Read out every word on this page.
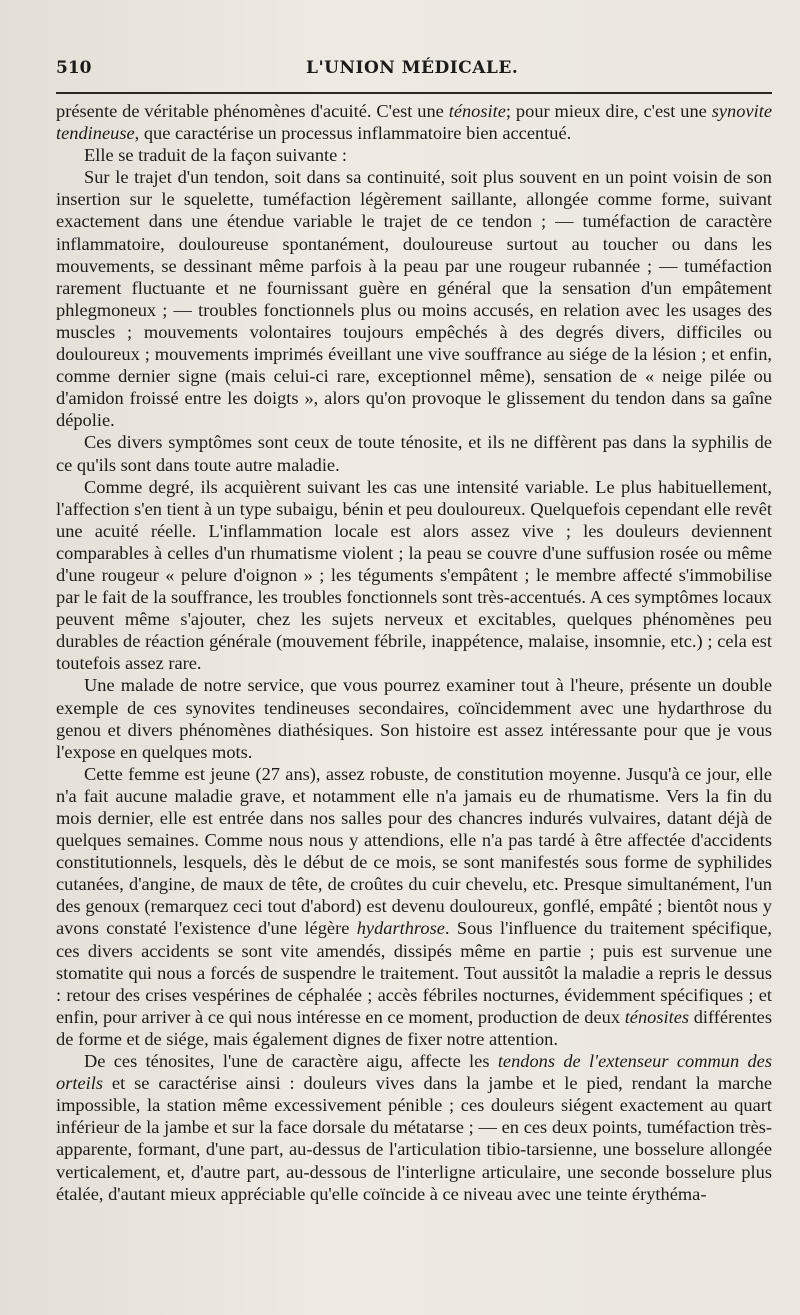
510	L'UNION MÉDICALE.

présente de véritable phénomènes d'acuité. C'est une ténosite; pour mieux dire, c'est une synovite tendineuse, que caractérise un processus inflammatoire bien accentué.

Elle se traduit de la façon suivante :

Sur le trajet d'un tendon, soit dans sa continuité, soit plus souvent en un point voisin de son insertion sur le squelette, tuméfaction légèrement saillante, allongée comme forme, suivant exactement dans une étendue variable le trajet de ce tendon ; — tuméfaction de caractère inflammatoire, douloureuse spontanément, douloureuse surtout au toucher ou dans les mouvements, se dessinant même parfois à la peau par une rougeur rubannée ; — tuméfaction rarement fluctuante et ne fournissant guère en général que la sensation d'un empâtement phlegmoneux ; — troubles fonctionnels plus ou moins accusés, en relation avec les usages des muscles ; mouvements volontaires toujours empêchés à des degrés divers, difficiles ou douloureux ; mouvements imprimés éveillant une vive souffrance au siége de la lésion ; et enfin, comme dernier signe (mais celui-ci rare, exceptionnel même), sensation de « neige pilée ou d'amidon froissé entre les doigts », alors qu'on provoque le glissement du tendon dans sa gaîne dépolie.

Ces divers symptômes sont ceux de toute ténosite, et ils ne diffèrent pas dans la syphilis de ce qu'ils sont dans toute autre maladie.

Comme degré, ils acquièrent suivant les cas une intensité variable. Le plus habituellement, l'affection s'en tient à un type subaigu, bénin et peu douloureux. Quelquefois cependant elle revêt une acuité réelle. L'inflammation locale est alors assez vive ; les douleurs deviennent comparables à celles d'un rhumatisme violent ; la peau se couvre d'une suffusion rosée ou même d'une rougeur « pelure d'oignon » ; les téguments s'empâtent ; le membre affecté s'immobilise par le fait de la souffrance, les troubles fonctionnels sont très-accentués. A ces symptômes locaux peuvent même s'ajouter, chez les sujets nerveux et excitables, quelques phénomènes peu durables de réaction générale (mouvement fébrile, inappétence, malaise, insomnie, etc.) ; cela est toutefois assez rare.

Une malade de notre service, que vous pourrez examiner tout à l'heure, présente un double exemple de ces synovites tendineuses secondaires, coïncidemment avec une hydarthrose du genou et divers phénomènes diathésiques. Son histoire est assez intéressante pour que je vous l'expose en quelques mots.

Cette femme est jeune (27 ans), assez robuste, de constitution moyenne. Jusqu'à ce jour, elle n'a fait aucune maladie grave, et notamment elle n'a jamais eu de rhumatisme. Vers la fin du mois dernier, elle est entrée dans nos salles pour des chancres indurés vulvaires, datant déjà de quelques semaines. Comme nous nous y attendions, elle n'a pas tardé à être affectée d'accidents constitutionnels, lesquels, dès le début de ce mois, se sont manifestés sous forme de syphilides cutanées, d'angine, de maux de tête, de croûtes du cuir chevelu, etc. Presque simultanément, l'un des genoux (remarquez ceci tout d'abord) est devenu douloureux, gonflé, empâté ; bientôt nous y avons constaté l'existence d'une légère hydarthrose. Sous l'influence du traitement spécifique, ces divers accidents se sont vite amendés, dissipés même en partie ; puis est survenue une stomatite qui nous a forcés de suspendre le traitement. Tout aussitôt la maladie a repris le dessus : retour des crises vespérines de céphalée ; accès fébriles nocturnes, évidemment spécifiques ; et enfin, pour arriver à ce qui nous intéresse en ce moment, production de deux ténosites différentes de forme et de siége, mais également dignes de fixer notre attention.

De ces ténosites, l'une de caractère aigu, affecte les tendons de l'extenseur commun des orteils et se caractérise ainsi : douleurs vives dans la jambe et le pied, rendant la marche impossible, la station même excessivement pénible ; ces douleurs siégent exactement au quart inférieur de la jambe et sur la face dorsale du métatarse ; — en ces deux points, tuméfaction très-apparente, formant, d'une part, au-dessus de l'articulation tibio-tarsienne, une bosselure allongée verticalement, et, d'autre part, au-dessous de l'interligne articulaire, une seconde bosselure plus étalée, d'autant mieux appréciable qu'elle coïncide à ce niveau avec une teinte érythéma-
